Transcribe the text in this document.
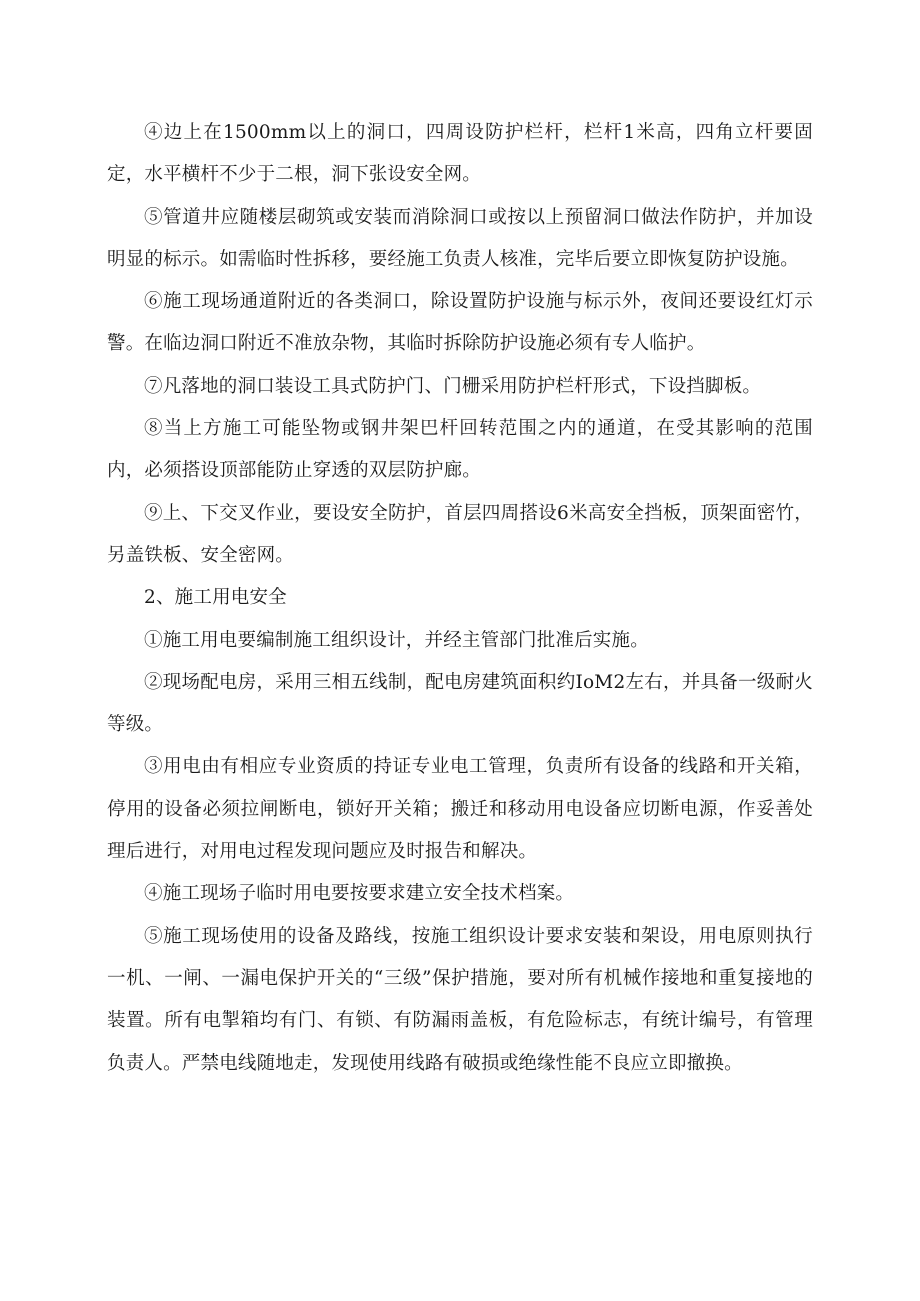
④边上在1500mm以上的洞口，四周设防护栏杆，栏杆1米高，四角立杆要固定，水平横杆不少于二根，洞下张设安全网。

⑤管道井应随楼层砌筑或安装而消除洞口或按以上预留洞口做法作防护，并加设明显的标示。如需临时性拆移，要经施工负责人核准，完毕后要立即恢复防护设施。

⑥施工现场通道附近的各类洞口，除设置防护设施与标示外，夜间还要设红灯示警。在临边洞口附近不准放杂物，其临时拆除防护设施必须有专人临护。

⑦凡落地的洞口装设工具式防护门、门栅采用防护栏杆形式，下设挡脚板。

⑧当上方施工可能坠物或钢井架巴杆回转范围之内的通道，在受其影响的范围内，必须搭设顶部能防止穿透的双层防护廊。

⑨上、下交叉作业，要设安全防护，首层四周搭设6米高安全挡板，顶架面密竹，另盖铁板、安全密网。

2、施工用电安全

①施工用电要编制施工组织设计，并经主管部门批准后实施。

②现场配电房，采用三相五线制，配电房建筑面积约IoM2左右，并具备一级耐火等级。

③用电由有相应专业资质的持证专业电工管理，负责所有设备的线路和开关箱，停用的设备必须拉闸断电，锁好开关箱；搬迁和移动用电设备应切断电源，作妥善处理后进行，对用电过程发现问题应及时报告和解决。

④施工现场子临时用电要按要求建立安全技术档案。

⑤施工现场使用的设备及路线，按施工组织设计要求安装和架设，用电原则执行一机、一闸、一漏电保护开关的“三级”保护措施，要对所有机械作接地和重复接地的装置。所有电掣箱均有门、有锁、有防漏雨盖板，有危险标志，有统计编号，有管理负责人。严禁电线随地走，发现使用线路有破损或绝缘性能不良应立即撤换。
